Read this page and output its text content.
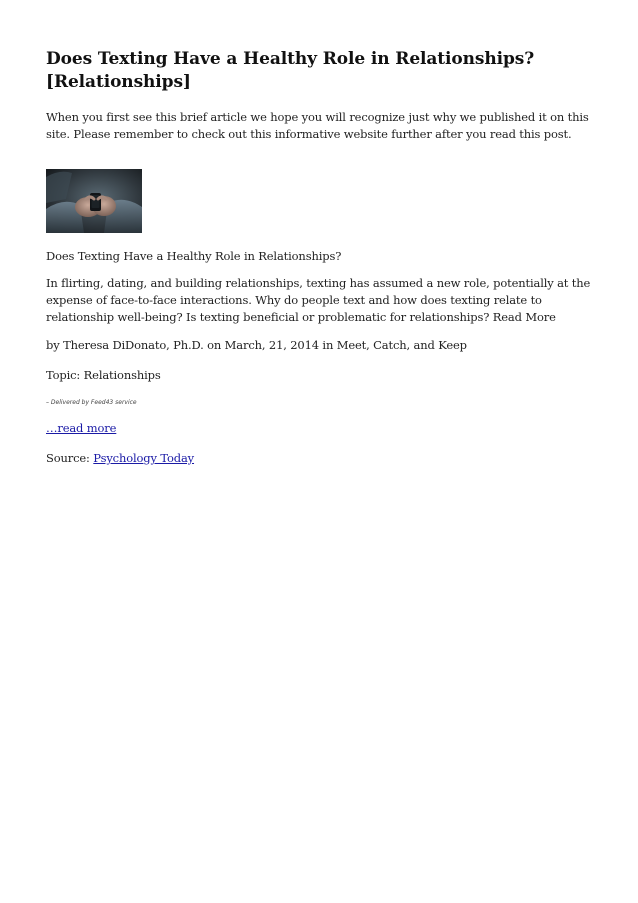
Does Texting Have a Healthy Role in Relationships?
[Relationships]

When you first see this brief article we hope you will recognize just why we published it on this site. Please remember to check out this informative website further after you read this post.

Does Texting Have a Healthy Role in Relationships?

In flirting, dating, and building relationships, texting has assumed a new role, potentially at the expense of face-to-face interactions. Why do people text and how does texting relate to relationship well-being? Is texting beneficial or problematic for relationships? Read More

by Theresa DiDonato, Ph.D. on March, 21, 2014 in Meet, Catch, and Keep

Topic: Relationships

– Delivered by Feed43 service

…read more

Source: Psychology Today
